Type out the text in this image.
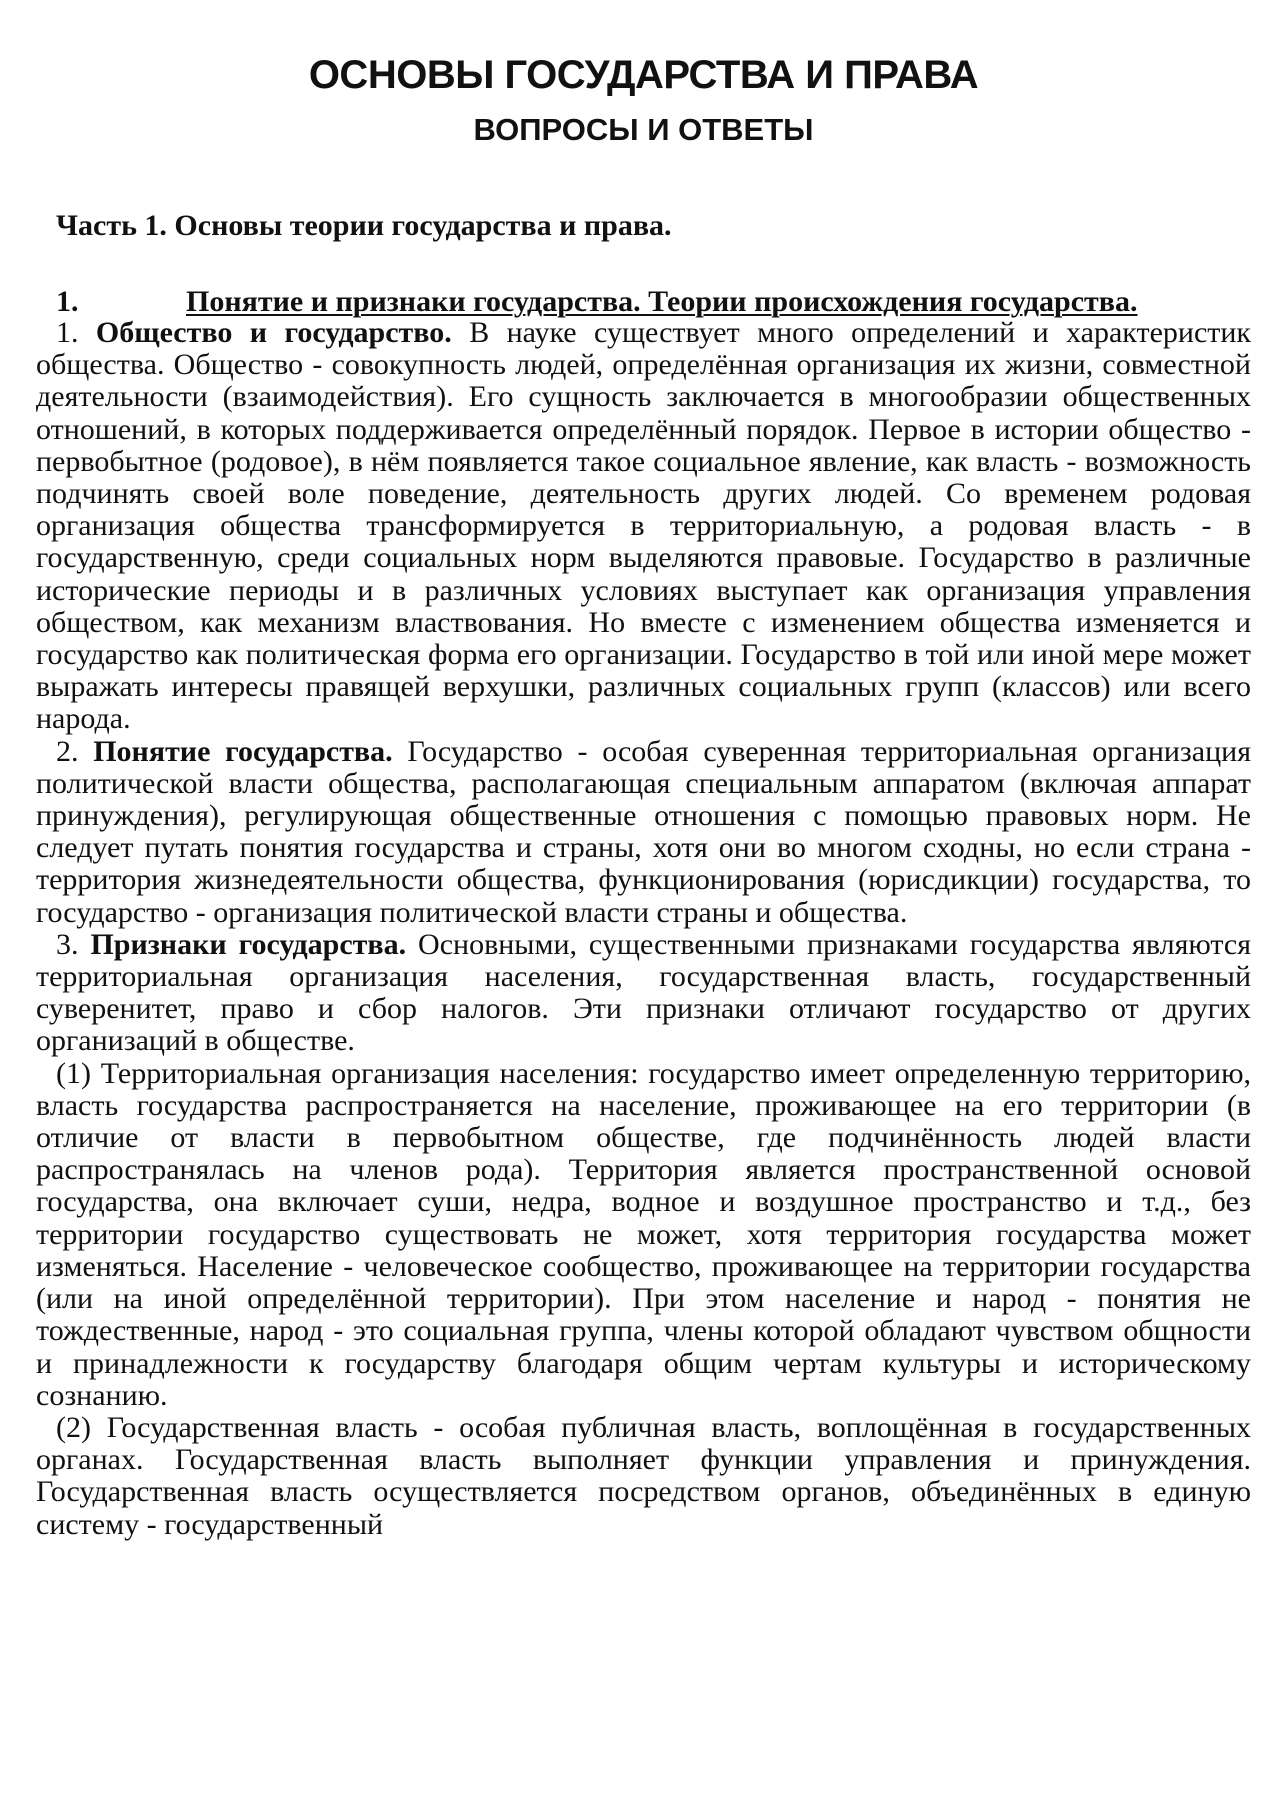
ОСНОВЫ ГОСУДАРСТВА И ПРАВА
ВОПРОСЫ И ОТВЕТЫ
Часть 1. Основы теории государства и права.
1.	Понятие и признаки государства. Теории происхождения государства.

1. Общество и государство. В науке существует много определений и характеристик общества. Общество - совокупность людей, определённая организация их жизни, совместной деятельности (взаимодействия). Его сущность заключается в многообразии общественных отношений, в которых поддерживается определённый порядок. Первое в истории общество - первобытное (родовое), в нём появляется такое социальное явление, как власть - возможность подчинять своей воле поведение, деятельность других людей. Со временем родовая организация общества трансформируется в территориальную, а родовая власть - в государственную, среди социальных норм выделяются правовые. Государство в различные исторические периоды и в различных условиях выступает как организация управления обществом, как механизм властвования. Но вместе с изменением общества изменяется и государство как политическая форма его организации. Государство в той или иной мере может выражать интересы правящей верхушки, различных социальных групп (классов) или всего народа.

2. Понятие государства. Государство - особая суверенная территориальная организация политической власти общества, располагающая специальным аппаратом (включая аппарат принуждения), регулирующая общественные отношения с помощью правовых норм. Не следует путать понятия государства и страны, хотя они во многом сходны, но если страна - территория жизнедеятельности общества, функционирования (юрисдикции) государства, то государство - организация политической власти страны и общества.

3. Признаки государства. Основными, существенными признаками государства являются территориальная организация населения, государственная власть, государственный суверенитет, право и сбор налогов. Эти признаки отличают государство от других организаций в обществе.

(1) Территориальная организация населения: государство имеет определенную территорию, власть государства распространяется на население, проживающее на его территории (в отличие от власти в первобытном обществе, где подчинённость людей власти распространялась на членов рода). Территория является пространственной основой государства, она включает суши, недра, водное и воздушное пространство и т.д., без территории государство существовать не может, хотя территория государства может изменяться. Население - человеческое сообщество, проживающее на территории государства (или на иной определённой территории). При этом население и народ - понятия не тождественные, народ - это социальная группа, члены которой обладают чувством общности и принадлежности к государству благодаря общим чертам культуры и историческому сознанию.

(2) Государственная власть - особая публичная власть, воплощённая в государственных органах. Государственная власть выполняет функции управления и принуждения. Государственная власть осуществляется посредством органов, объединённых в единую систему - государственный
